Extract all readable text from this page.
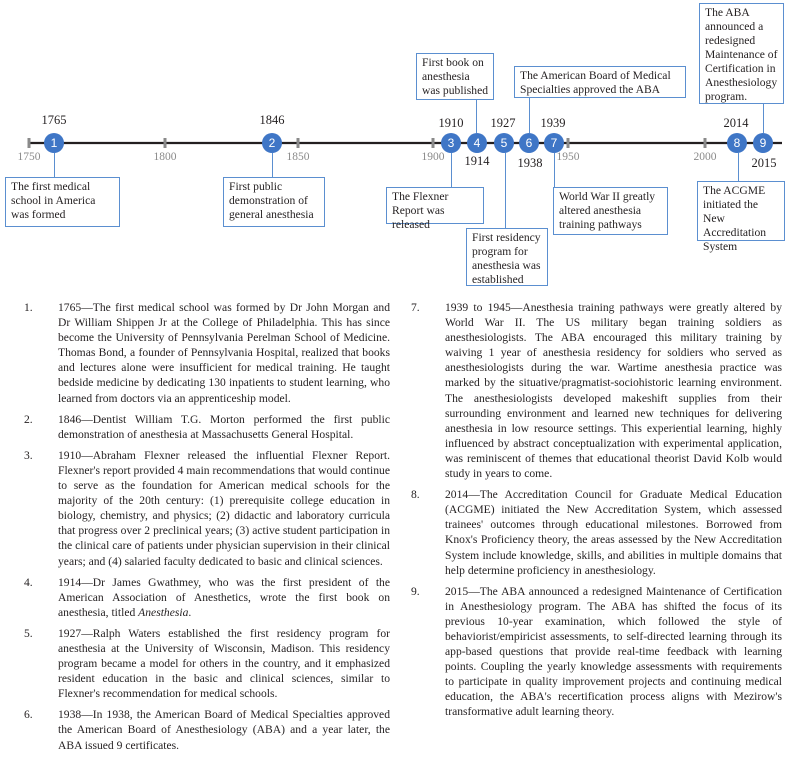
1750	1800	1850	1900	1950	2000
1765	1846	1910
1914
1927
1938
1939	2014
2015
1	2	3	4	5	6	7	8	9
The first medical school in America was formed
First public demonstration of general anesthesia
The Flexner Report was released
First book on anesthesia was published
First residency program for anesthesia was established
The American Board of Medical Specialties approved the ABA
World War II greatly altered anesthesia training pathways
The ACGME initiated the New Accreditation System
The ABA announced a redesigned Maintenance of Certification in Anesthesiology program.
1. 1765—The first medical school was formed by Dr John Morgan and Dr William Shippen Jr at the College of Philadelphia. This has since become the University of Pennsylvania Perelman School of Medicine. Thomas Bond, a founder of Pennsylvania Hospital, realized that books and lectures alone were insufficient for medical training. He taught bedside medicine by dedicating 130 inpatients to student learning, who learned from doctors via an apprenticeship model.
2. 1846—Dentist William T.G. Morton performed the first public demonstration of anesthesia at Massachusetts General Hospital.
3. 1910—Abraham Flexner released the influential Flexner Report. Flexner's report provided 4 main recommendations that would continue to serve as the foundation for American medical schools for the majority of the 20th century: (1) prerequisite college education in biology, chemistry, and physics; (2) didactic and laboratory curricula that progress over 2 preclinical years; (3) active student participation in the clinical care of patients under physician supervision in their clinical years; and (4) salaried faculty dedicated to basic and clinical sciences.
4. 1914—Dr James Gwathmey, who was the first president of the American Association of Anesthetics, wrote the first book on anesthesia, titled Anesthesia.
5. 1927—Ralph Waters established the first residency program for anesthesia at the University of Wisconsin, Madison. This residency program became a model for others in the country, and it emphasized resident education in the basic and clinical sciences, similar to Flexner's recommendation for medical schools.
6. 1938—In 1938, the American Board of Medical Specialties approved the American Board of Anesthesiology (ABA) and a year later, the ABA issued 9 certificates.
7. 1939 to 1945—Anesthesia training pathways were greatly altered by World War II. The US military began training soldiers as anesthesiologists. The ABA encouraged this military training by waiving 1 year of anesthesia residency for soldiers who served as anesthesiologists during the war. Wartime anesthesia practice was marked by the situative/pragmatist-sociohistoric learning environment. The anesthesiologists developed makeshift supplies from their surrounding environment and learned new techniques for delivering anesthesia in low resource settings. This experiential learning, highly influenced by abstract conceptualization with experimental application, was reminiscent of themes that educational theorist David Kolb would study in years to come.
8. 2014—The Accreditation Council for Graduate Medical Education (ACGME) initiated the New Accreditation System, which assessed trainees' outcomes through educational milestones. Borrowed from Knox's Proficiency theory, the areas assessed by the New Accreditation System include knowledge, skills, and abilities in multiple domains that help determine proficiency in anesthesiology.
9. 2015—The ABA announced a redesigned Maintenance of Certification in Anesthesiology program. The ABA has shifted the focus of its previous 10-year examination, which followed the style of behaviorist/empiricist assessments, to self-directed learning through its app-based questions that provide real-time feedback with learning points. Coupling the yearly knowledge assessments with requirements to participate in quality improvement projects and continuing medical education, the ABA's recertification process aligns with Mezirow's transformative adult learning theory.
